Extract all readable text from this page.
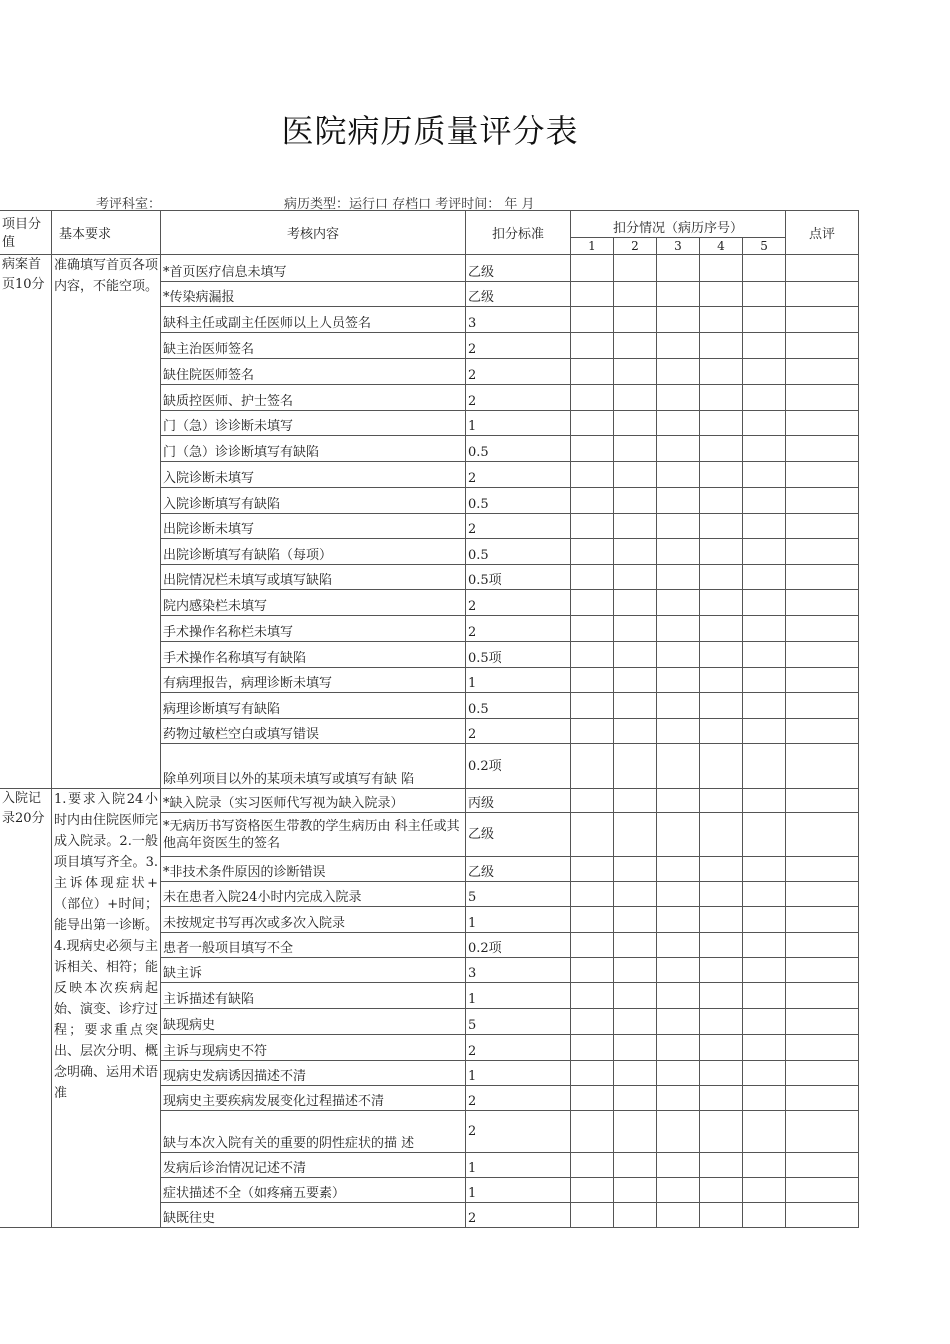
医院病历质量评分表
考评科室：	病历类型：运行口 存档口 考评时间： 年 月
项目分值	基本要求	考核内容	扣分标准	扣分情况（病历序号）					点评
				1	2	3	4	5	
病案首页10分	准确填写首页各项内容，不能空项。	*首页医疗信息未填写	乙级						
		*传染病漏报	乙级						
		缺科主任或副主任医师以上人员签名	3						
		缺主治医师签名	2						
		缺住院医师签名	2						
		缺质控医师、护士签名	2						
		门（急）诊诊断未填写	1						
		门（急）诊诊断填写有缺陷	0.5						
		入院诊断未填写	2						
		入院诊断填写有缺陷	0.5						
		出院诊断未填写	2						
		出院诊断填写有缺陷（每项）	0.5						
		出院情况栏未填写或填写缺陷	0.5项						
		院内感染栏未填写	2						
		手术操作名称栏未填写	2						
		手术操作名称填写有缺陷	0.5项						
		有病理报告，病理诊断未填写	1						
		病理诊断填写有缺陷	0.5						
		药物过敏栏空白或填写错误	2						
		除单列项目以外的某项未填写或填写有缺 陷	0.2项						
入院记录20分	1.要求入院24小时内由住院医师完成入院录。2.一般项目填写齐全。3.主诉体现症状+（部位）+时间；能导出第一诊断。4.现病史必须与主诉相关、相符；能反映本次疾病起始、演变、诊疗过程；要求重点突出、层次分明、概念明确、运用术语准	*缺入院录（实习医师代写视为缺入院录）	丙级						
		*无病历书写资格医生带教的学生病历由 科主任或其他高年资医生的签名	乙级						
		*非技术条件原因的诊断错误	乙级						
		未在患者入院24小时内完成入院录	5						
		未按规定书写再次或多次入院录	1						
		患者一般项目填写不全	0.2项						
		缺主诉	3						
		主诉描述有缺陷	1						
		缺现病史	5						
		主诉与现病史不符	2						
		现病史发病诱因描述不清	1						
		现病史主要疾病发展变化过程描述不清	2						
		缺与本次入院有关的重要的阴性症状的描 述	2						
		发病后诊治情况记述不清	1						
		症状描述不全（如疼痛五要素）	1						
		缺既往史	2						
